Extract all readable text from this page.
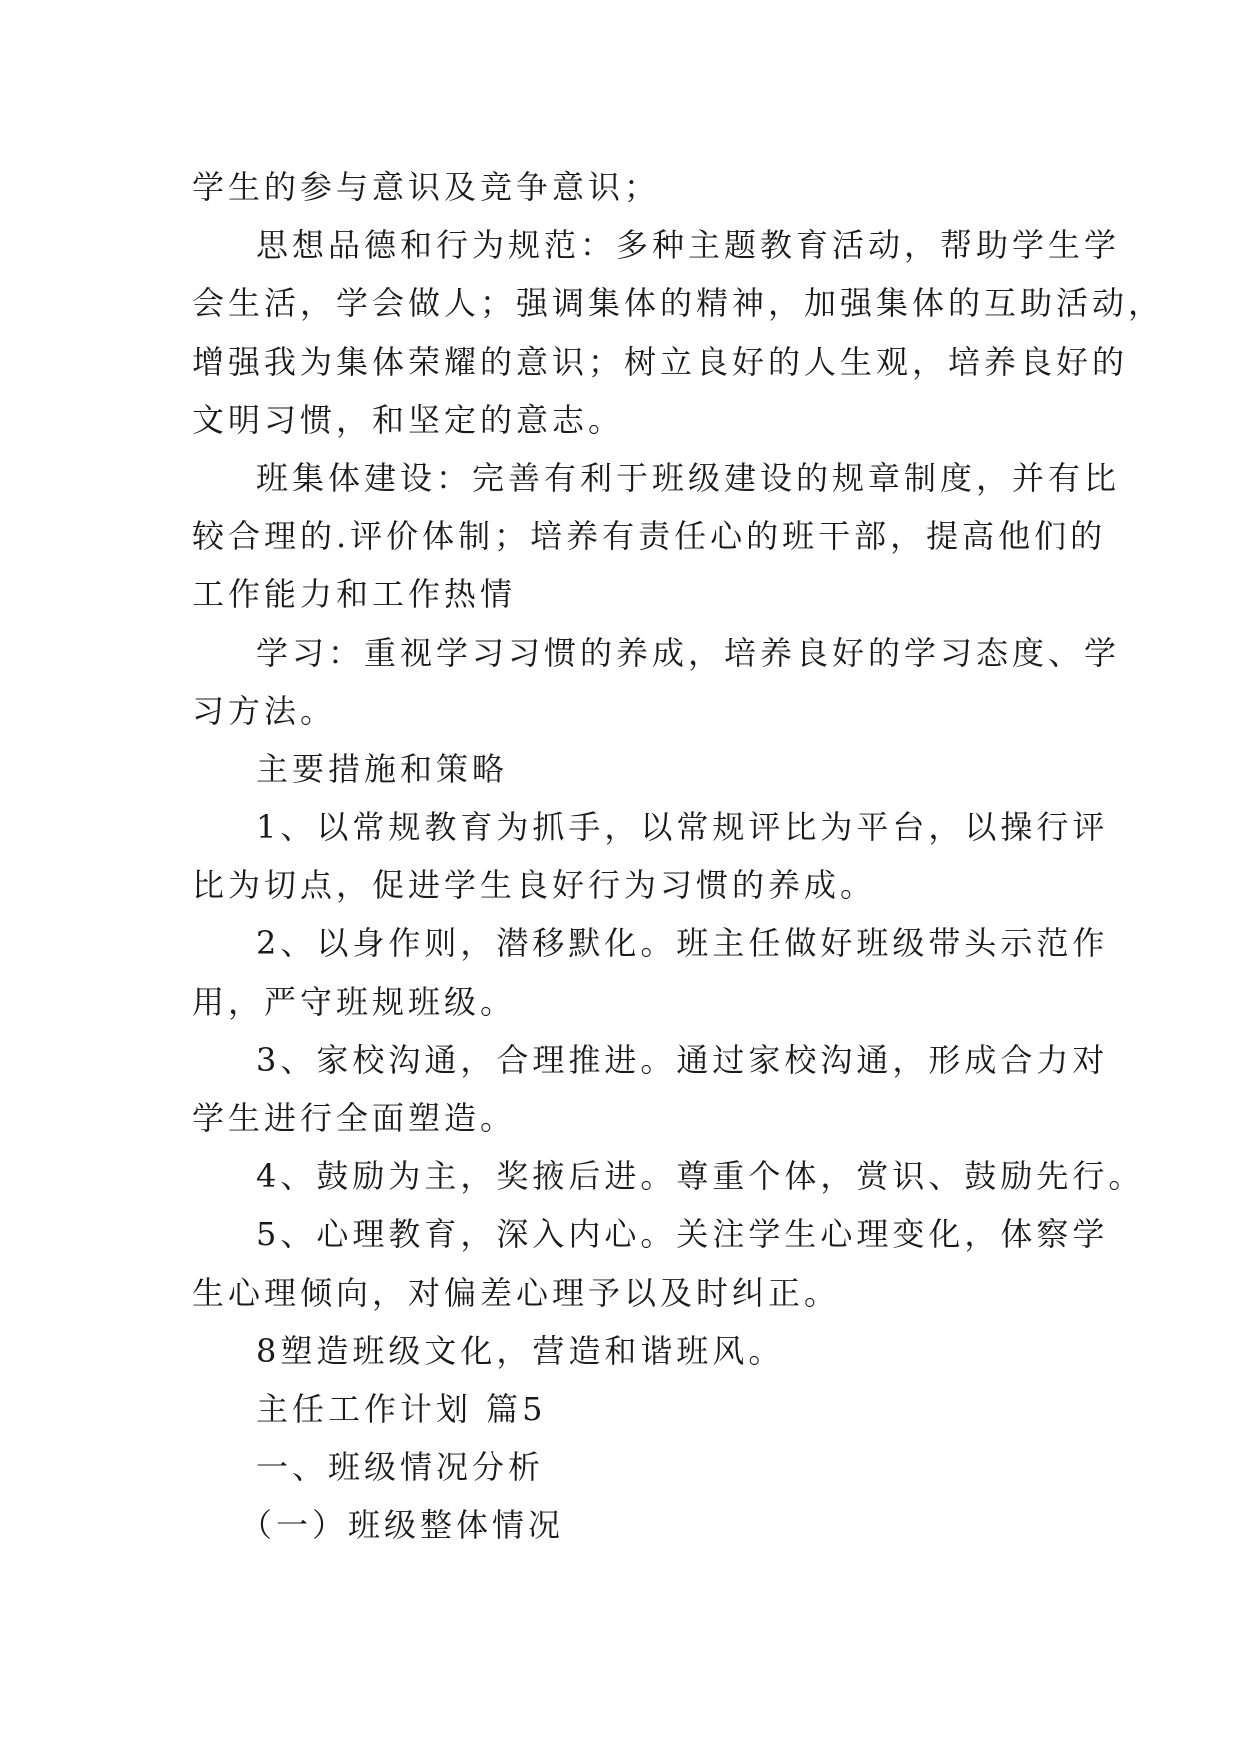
学生的参与意识及竞争意识；
思想品德和行为规范：多种主题教育活动，帮助学生学
会生活，学会做人；强调集体的精神，加强集体的互助活动，
增强我为集体荣耀的意识；树立良好的人生观，培养良好的
文明习惯，和坚定的意志。
班集体建设：完善有利于班级建设的规章制度，并有比
较合理的.评价体制；培养有责任心的班干部，提高他们的
工作能力和工作热情
学习：重视学习习惯的养成，培养良好的学习态度、学
习方法。
主要措施和策略
1、以常规教育为抓手，以常规评比为平台，以操行评
比为切点，促进学生良好行为习惯的养成。
2、以身作则，潜移默化。班主任做好班级带头示范作
用，严守班规班级。
3、家校沟通，合理推进。通过家校沟通，形成合力对
学生进行全面塑造。
4、鼓励为主，奖掖后进。尊重个体，赏识、鼓励先行。
5、心理教育，深入内心。关注学生心理变化，体察学
生心理倾向，对偏差心理予以及时纠正。
8塑造班级文化，营造和谐班风。
主任工作计划 篇5
一、班级情况分析
（一）班级整体情况
